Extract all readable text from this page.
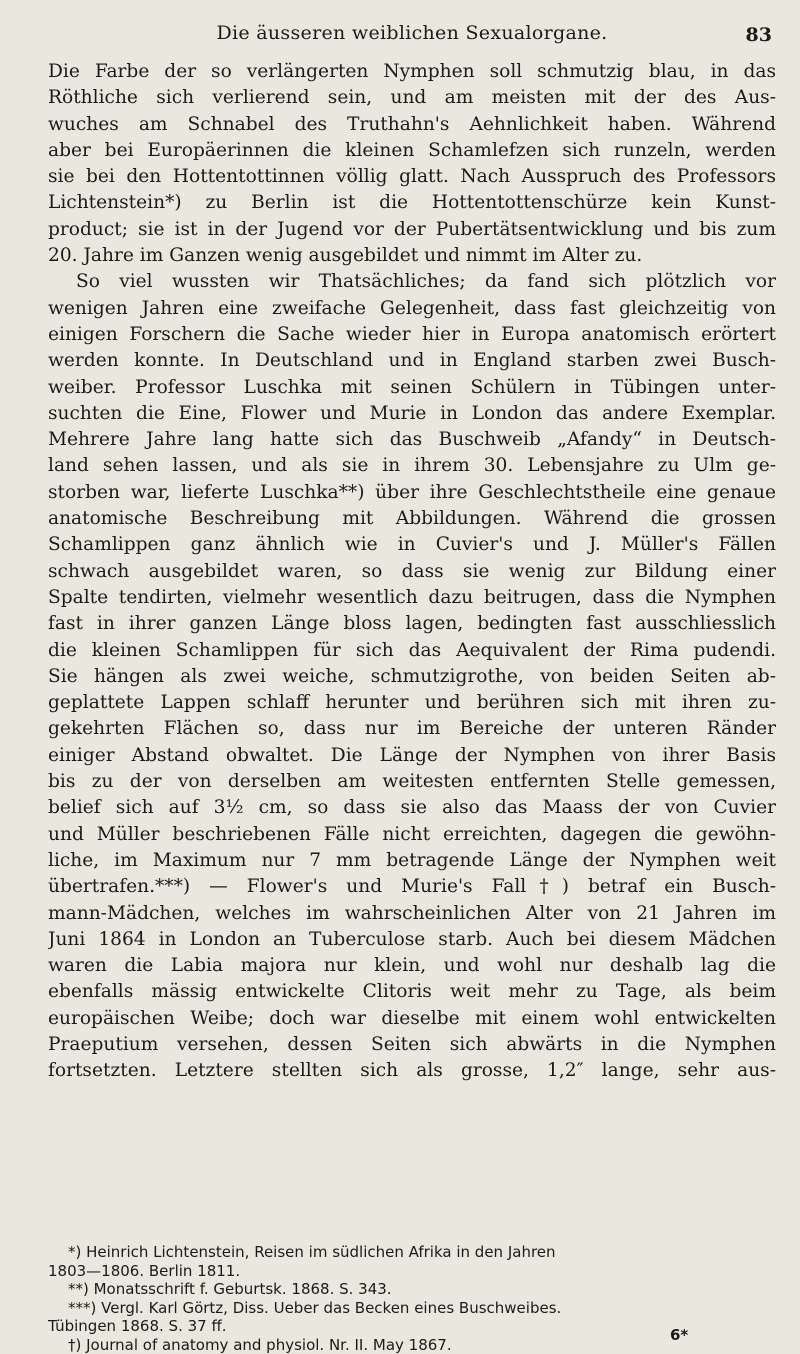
Die äusseren weiblichen Sexualorgane.	83
Die Farbe der so verlängerten Nymphen soll schmutzig blau, in das
Röthliche sich verlierend sein, und am meisten mit der des Aus-
wuches am Schnabel des Truthahn's Aehnlichkeit haben. Während
aber bei Europäerinnen die kleinen Schamlefzen sich runzeln, werden
sie bei den Hottentottinnen völlig glatt. Nach Ausspruch des Professors
Lichtenstein*) zu Berlin ist die Hottentottenschürze kein Kunst-
product; sie ist in der Jugend vor der Pubertätsentwicklung und bis zum
20. Jahre im Ganzen wenig ausgebildet und nimmt im Alter zu.
So viel wussten wir Thatsächliches; da fand sich plötzlich vor
wenigen Jahren eine zweifache Gelegenheit, dass fast gleichzeitig von
einigen Forschern die Sache wieder hier in Europa anatomisch erörtert
werden konnte. In Deutschland und in England starben zwei Busch-
weiber. Professor Luschka mit seinen Schülern in Tübingen unter-
suchten die Eine, Flower und Murie in London das andere Exemplar.
Mehrere Jahre lang hatte sich das Buschweib „Afandy“ in Deutsch-
land sehen lassen, und als sie in ihrem 30. Lebensjahre zu Ulm ge-
storben war, lieferte Luschka**) über ihre Geschlechtstheile eine genaue
anatomische Beschreibung mit Abbildungen. Während die grossen
Schamlippen ganz ähnlich wie in Cuvier's und J. Müller's Fällen
schwach ausgebildet waren, so dass sie wenig zur Bildung einer
Spalte tendirten, vielmehr wesentlich dazu beitrugen, dass die Nymphen
fast in ihrer ganzen Länge bloss lagen, bedingten fast ausschliesslich
die kleinen Schamlippen für sich das Aequivalent der Rima pudendi.
Sie hängen als zwei weiche, schmutzigrothe, von beiden Seiten ab-
geplattete Lappen schlaff herunter und berühren sich mit ihren zu-
gekehrten Flächen so, dass nur im Bereiche der unteren Ränder
einiger Abstand obwaltet. Die Länge der Nymphen von ihrer Basis
bis zu der von derselben am weitesten entfernten Stelle gemessen,
belief sich auf 3½ cm, so dass sie also das Maass der von Cuvier
und Müller beschriebenen Fälle nicht erreichten, dagegen die gewöhn-
liche, im Maximum nur 7 mm betragende Länge der Nymphen weit
übertrafen.***) — Flower's und Murie's Fall†) betraf ein Busch-
mann-Mädchen, welches im wahrscheinlichen Alter von 21 Jahren im
Juni 1864 in London an Tuberculose starb. Auch bei diesem Mädchen
waren die Labia majora nur klein, und wohl nur deshalb lag die
ebenfalls mässig entwickelte Clitoris weit mehr zu Tage, als beim
europäischen Weibe; doch war dieselbe mit einem wohl entwickelten
Praeputium versehen, dessen Seiten sich abwärts in die Nymphen
fortsetzten. Letztere stellten sich als grosse, 1,2″ lange, sehr aus-
*) Heinrich Lichtenstein, Reisen im südlichen Afrika in den Jahren
1803—1806. Berlin 1811.
**) Monatsschrift f. Geburtsk. 1868. S. 343.
***) Vergl. Karl Görtz, Diss. Ueber das Becken eines Buschweibes.
Tübingen 1868. S. 37 ff.
†) Journal of anatomy and physiol. Nr. II. May 1867.
6*
